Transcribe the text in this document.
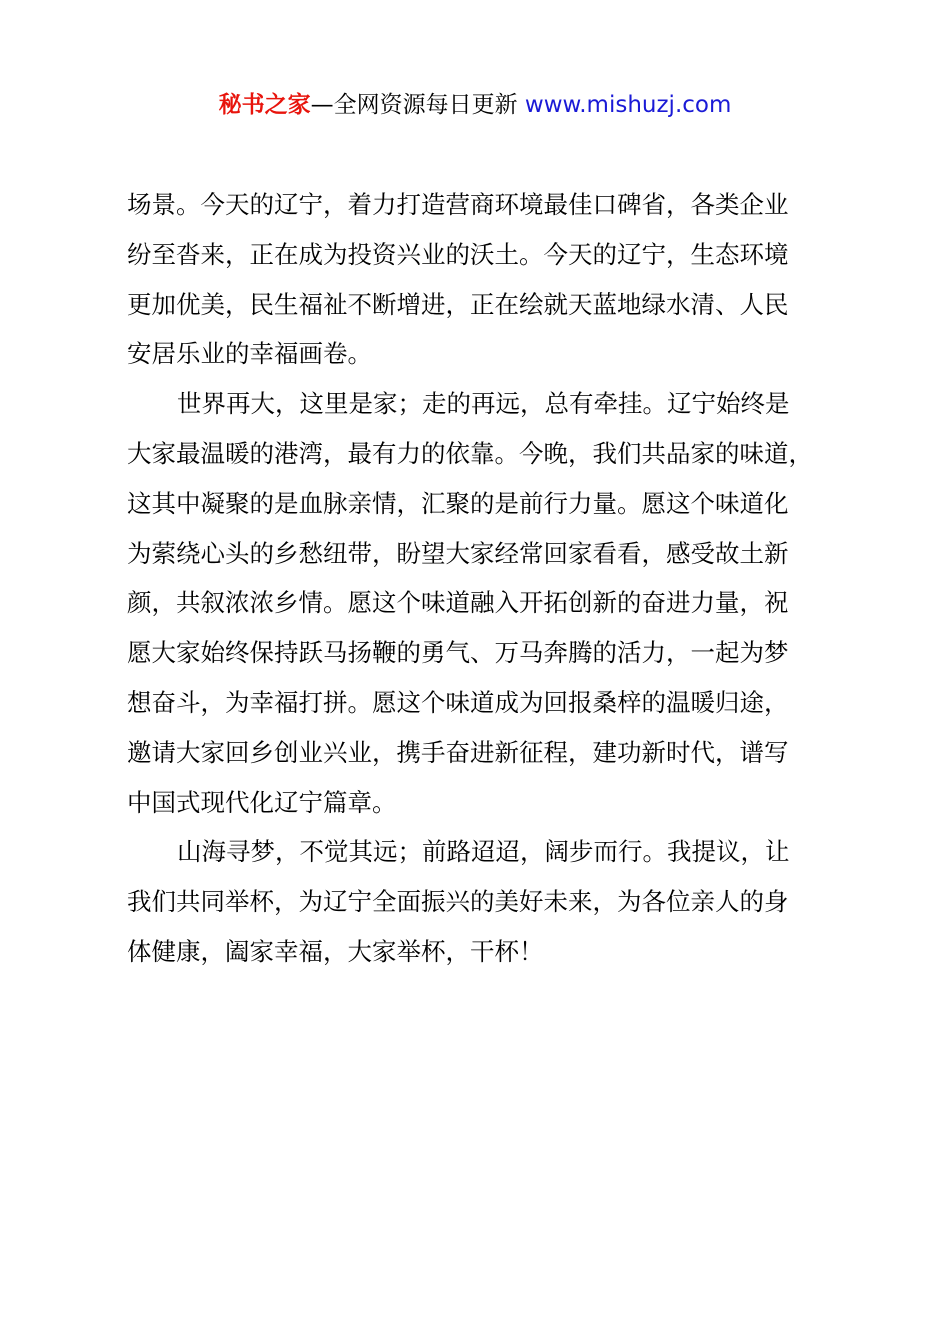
秘书之家—全网资源每日更新 www.mishuzj.com

场景。今天的辽宁，着力打造营商环境最佳口碑省，各类企业
纷至沓来，正在成为投资兴业的沃土。今天的辽宁，生态环境
更加优美，民生福祉不断增进，正在绘就天蓝地绿水清、人民
安居乐业的幸福画卷。

世界再大，这里是家；走的再远，总有牵挂。辽宁始终是
大家最温暖的港湾，最有力的依靠。今晚，我们共品家的味道，
这其中凝聚的是血脉亲情，汇聚的是前行力量。愿这个味道化
为萦绕心头的乡愁纽带，盼望大家经常回家看看，感受故土新
颜，共叙浓浓乡情。愿这个味道融入开拓创新的奋进力量，祝
愿大家始终保持跃马扬鞭的勇气、万马奔腾的活力，一起为梦
想奋斗，为幸福打拼。愿这个味道成为回报桑梓的温暖归途，
邀请大家回乡创业兴业，携手奋进新征程，建功新时代，谱写
中国式现代化辽宁篇章。

山海寻梦，不觉其远；前路迢迢，阔步而行。我提议，让
我们共同举杯，为辽宁全面振兴的美好未来，为各位亲人的身
体健康，阖家幸福，大家举杯，干杯！
